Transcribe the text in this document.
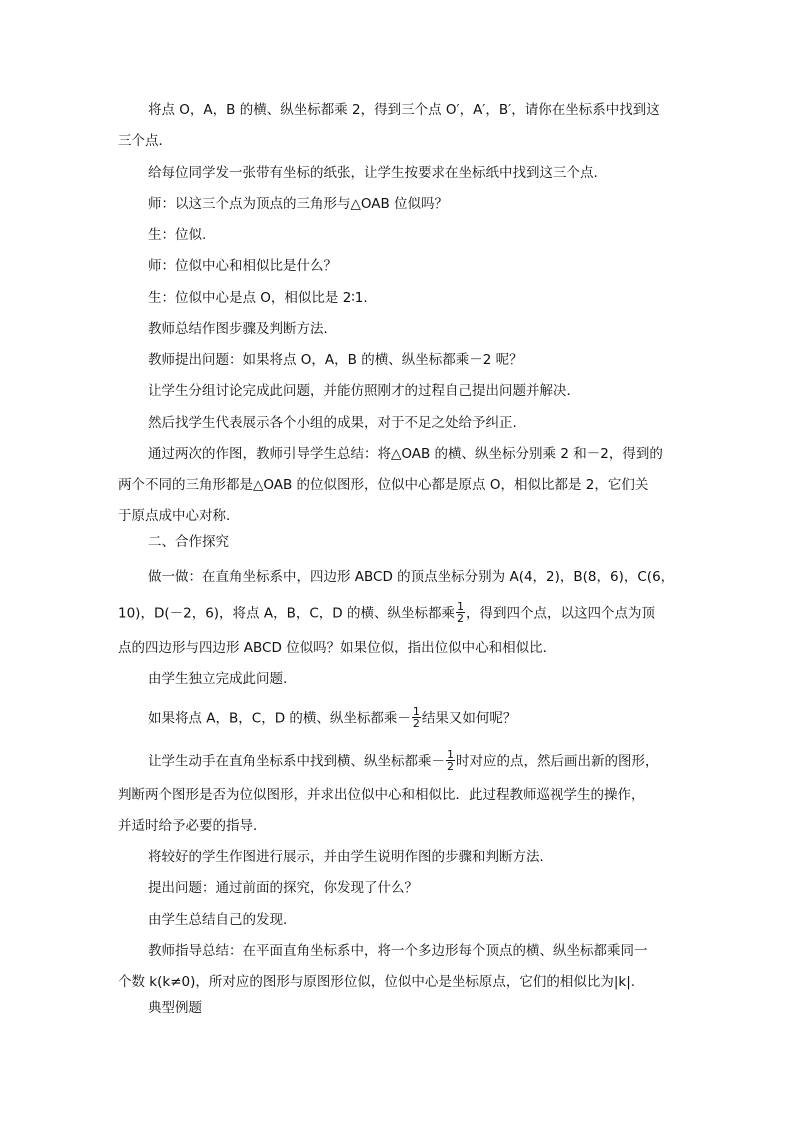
将点 O，A，B 的横、纵坐标都乘 2，得到三个点 O′，A′，B′，请你在坐标系中找到这
三个点．
给每位同学发一张带有坐标的纸张，让学生按要求在坐标纸中找到这三个点.
师：以这三个点为顶点的三角形与△OAB 位似吗？
生：位似.
师：位似中心和相似比是什么？
生：位似中心是点 O，相似比是 2∶1.
教师总结作图步骤及判断方法．
教师提出问题：如果将点 O，A，B 的横、纵坐标都乘－2 呢？
让学生分组讨论完成此问题，并能仿照刚才的过程自己提出问题并解决．
然后找学生代表展示各个小组的成果，对于不足之处给予纠正.
通过两次的作图，教师引导学生总结：将△OAB 的横、纵坐标分别乘 2 和－2，得到的
两个不同的三角形都是△OAB 的位似图形，位似中心都是原点 O，相似比都是 2，它们关
于原点成中心对称．
二、合作探究
做一做：在直角坐标系中，四边形 ABCD 的顶点坐标分别为 A(4，2)，B(8，6)，C(6，
10)，D(－2，6)，将点 A，B，C，D 的横、纵坐标都乘 $\frac{1}{2}$ ，得到四个点，以这四个点为顶
点的四边形与四边形 ABCD 位似吗？如果位似，指出位似中心和相似比．
由学生独立完成此问题.
如果将点 A，B，C，D 的横、纵坐标都乘－ $\frac{1}{2}$ 结果又如何呢？
让学生动手在直角坐标系中找到横、纵坐标都乘－ $\frac{1}{2}$ 时对应的点，然后画出新的图形，
判断两个图形是否为位似图形，并求出位似中心和相似比．此过程教师巡视学生的操作，
并适时给予必要的指导．
将较好的学生作图进行展示，并由学生说明作图的步骤和判断方法．
提出问题：通过前面的探究，你发现了什么？
由学生总结自己的发现.
教师指导总结：在平面直角坐标系中，将一个多边形每个顶点的横、纵坐标都乘同一
个数 k(k≠0)，所对应的图形与原图形位似，位似中心是坐标原点，它们的相似比为|k|.
典型例题
